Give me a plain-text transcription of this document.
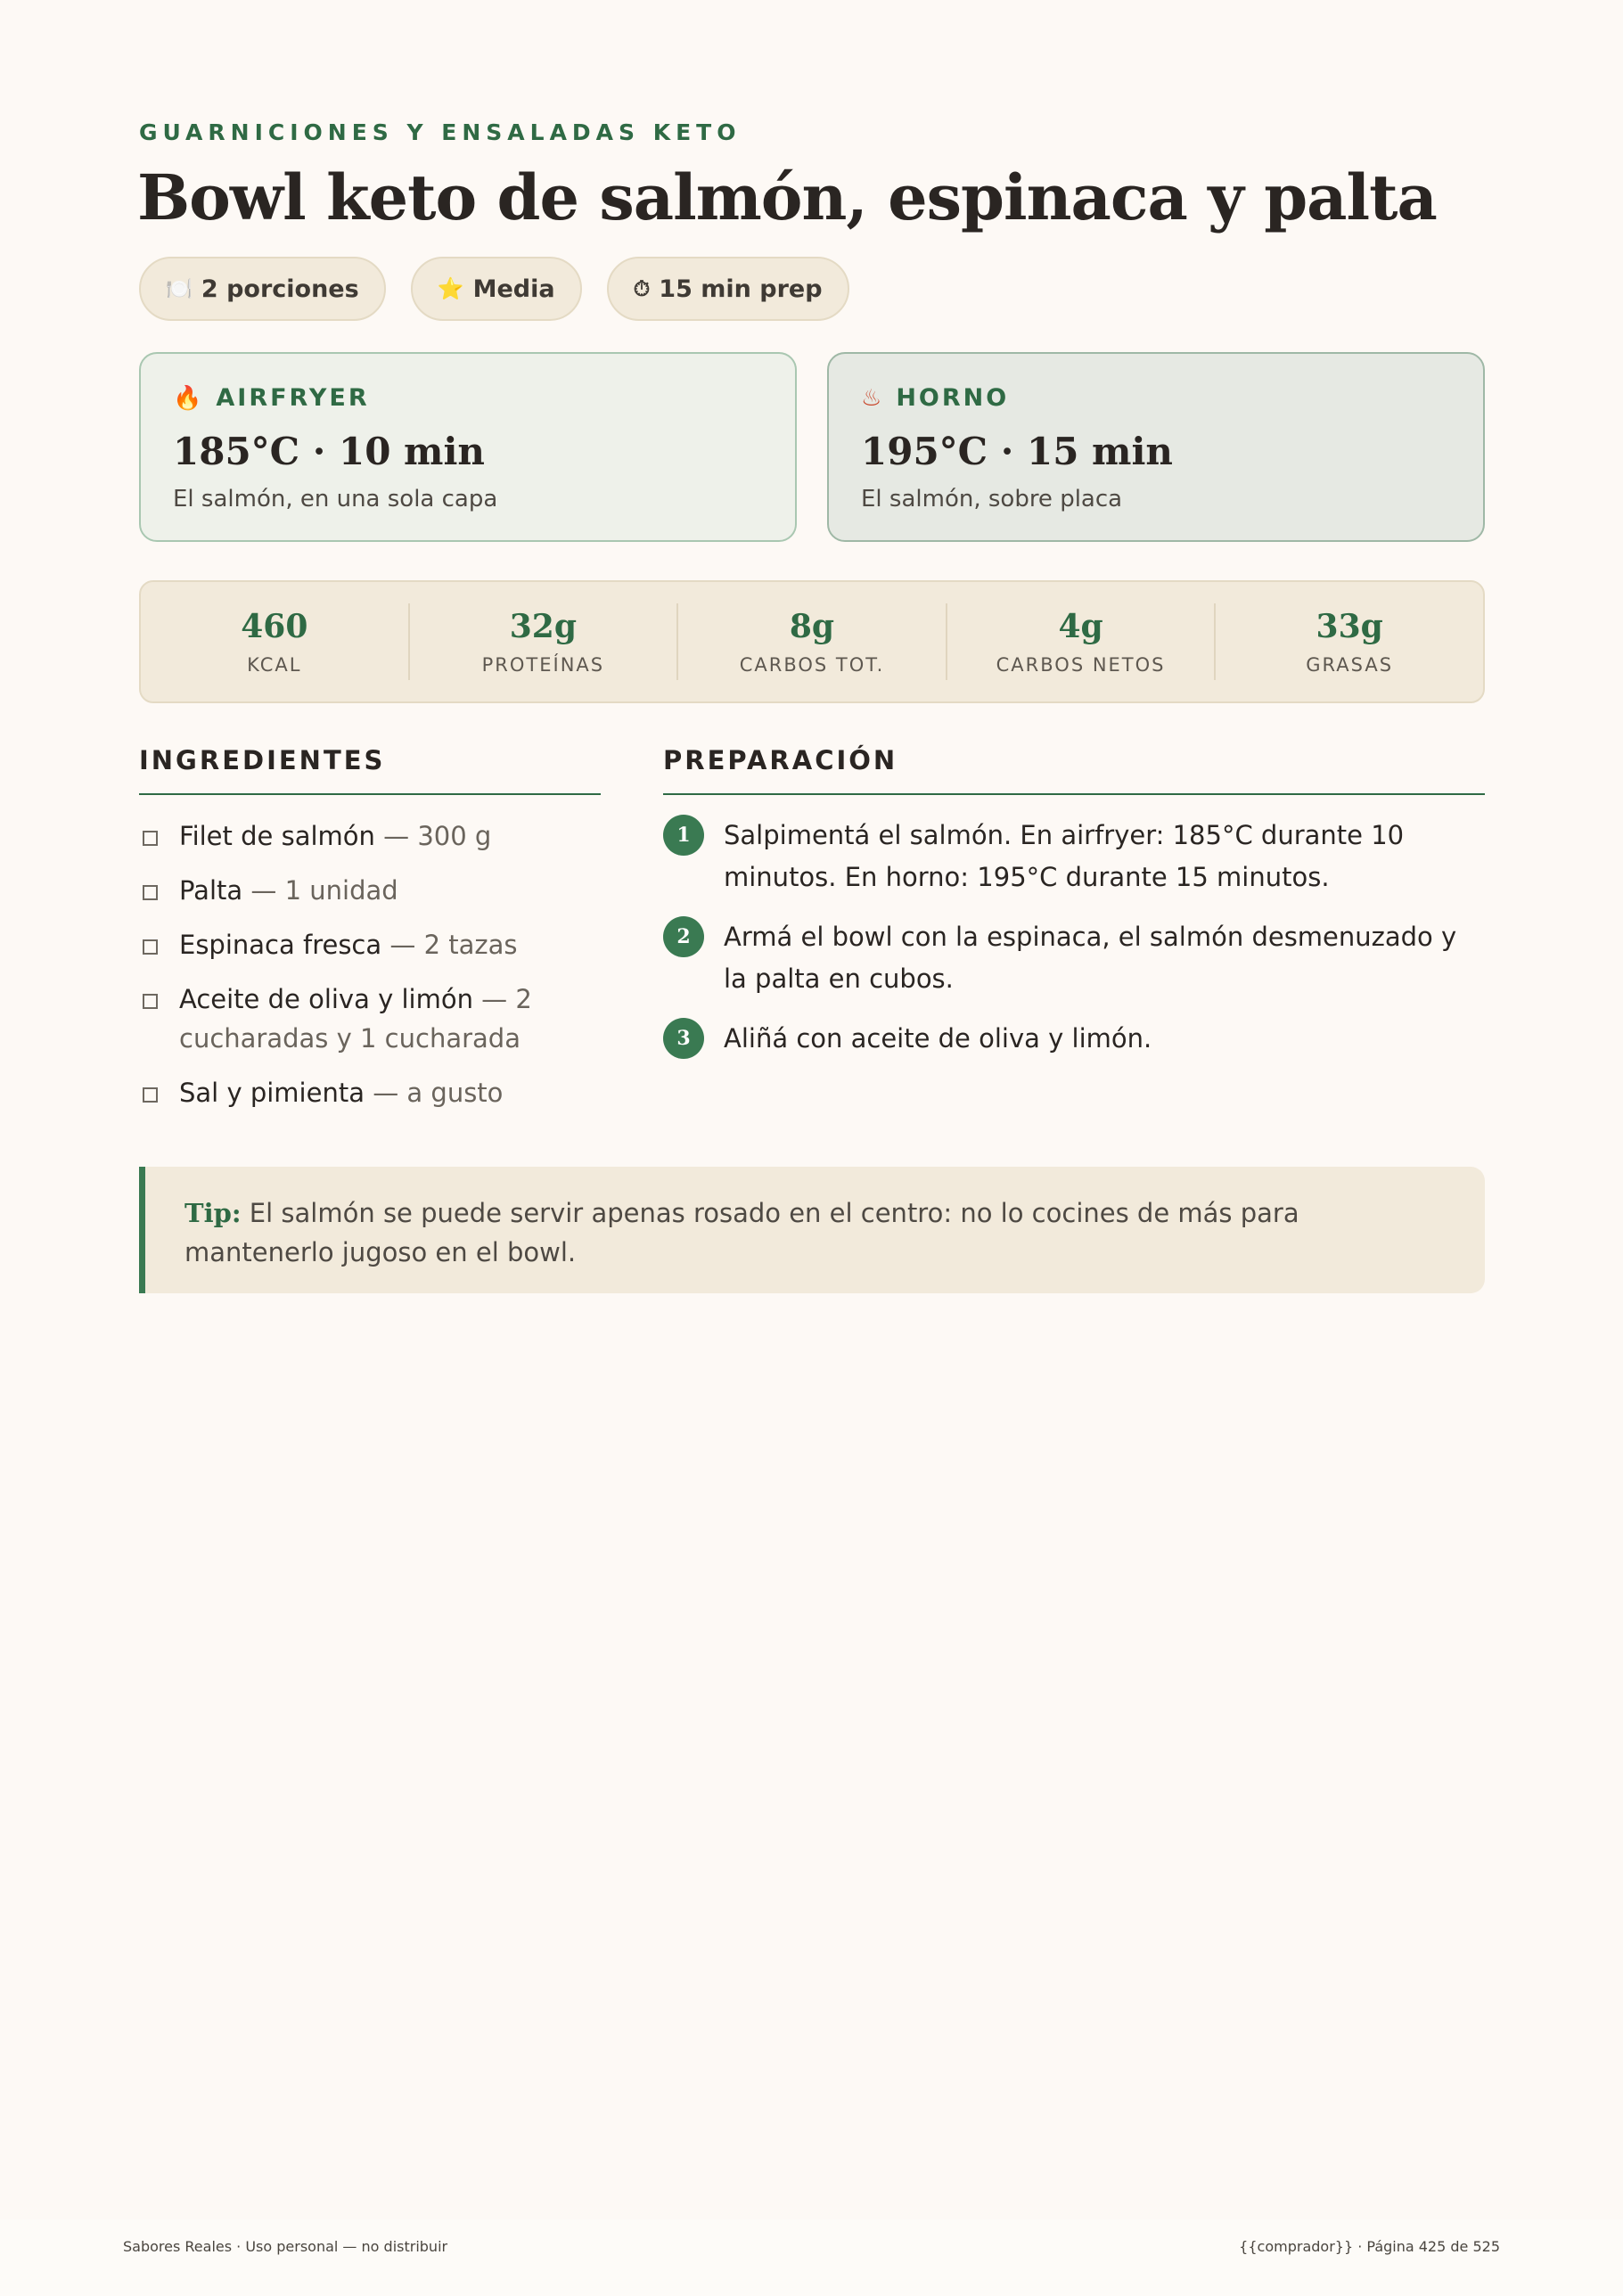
GUARNICIONES Y ENSALADAS KETO
Bowl keto de salmón, espinaca y palta
🍽️ 2 porciones	⭐ Media	⏱ 15 min prep
🔥 AIRFRYER
185°C · 10 min
El salmón, en una sola capa
♨ HORNO
195°C · 15 min
El salmón, sobre placa
460
KCAL
32g
PROTEÍNAS
8g
CARBOS TOT.
4g
CARBOS NETOS
33g
GRASAS
INGREDIENTES	PREPARACIÓN
Filet de salmón — 300 g
Palta — 1 unidad
Espinaca fresca — 2 tazas
Aceite de oliva y limón — 2 cucharadas y 1 cucharada
Sal y pimienta — a gusto
1	Salpimentá el salmón. En airfryer: 185°C durante 10 minutos. En horno: 195°C durante 15 minutos.
2	Armá el bowl con la espinaca, el salmón desmenuzado y la palta en cubos.
3	Aliñá con aceite de oliva y limón.
Tip: El salmón se puede servir apenas rosado en el centro: no lo cocines de más para mantenerlo jugoso en el bowl.
Sabores Reales · Uso personal — no distribuir	{{comprador}} · Página 425 de 525
